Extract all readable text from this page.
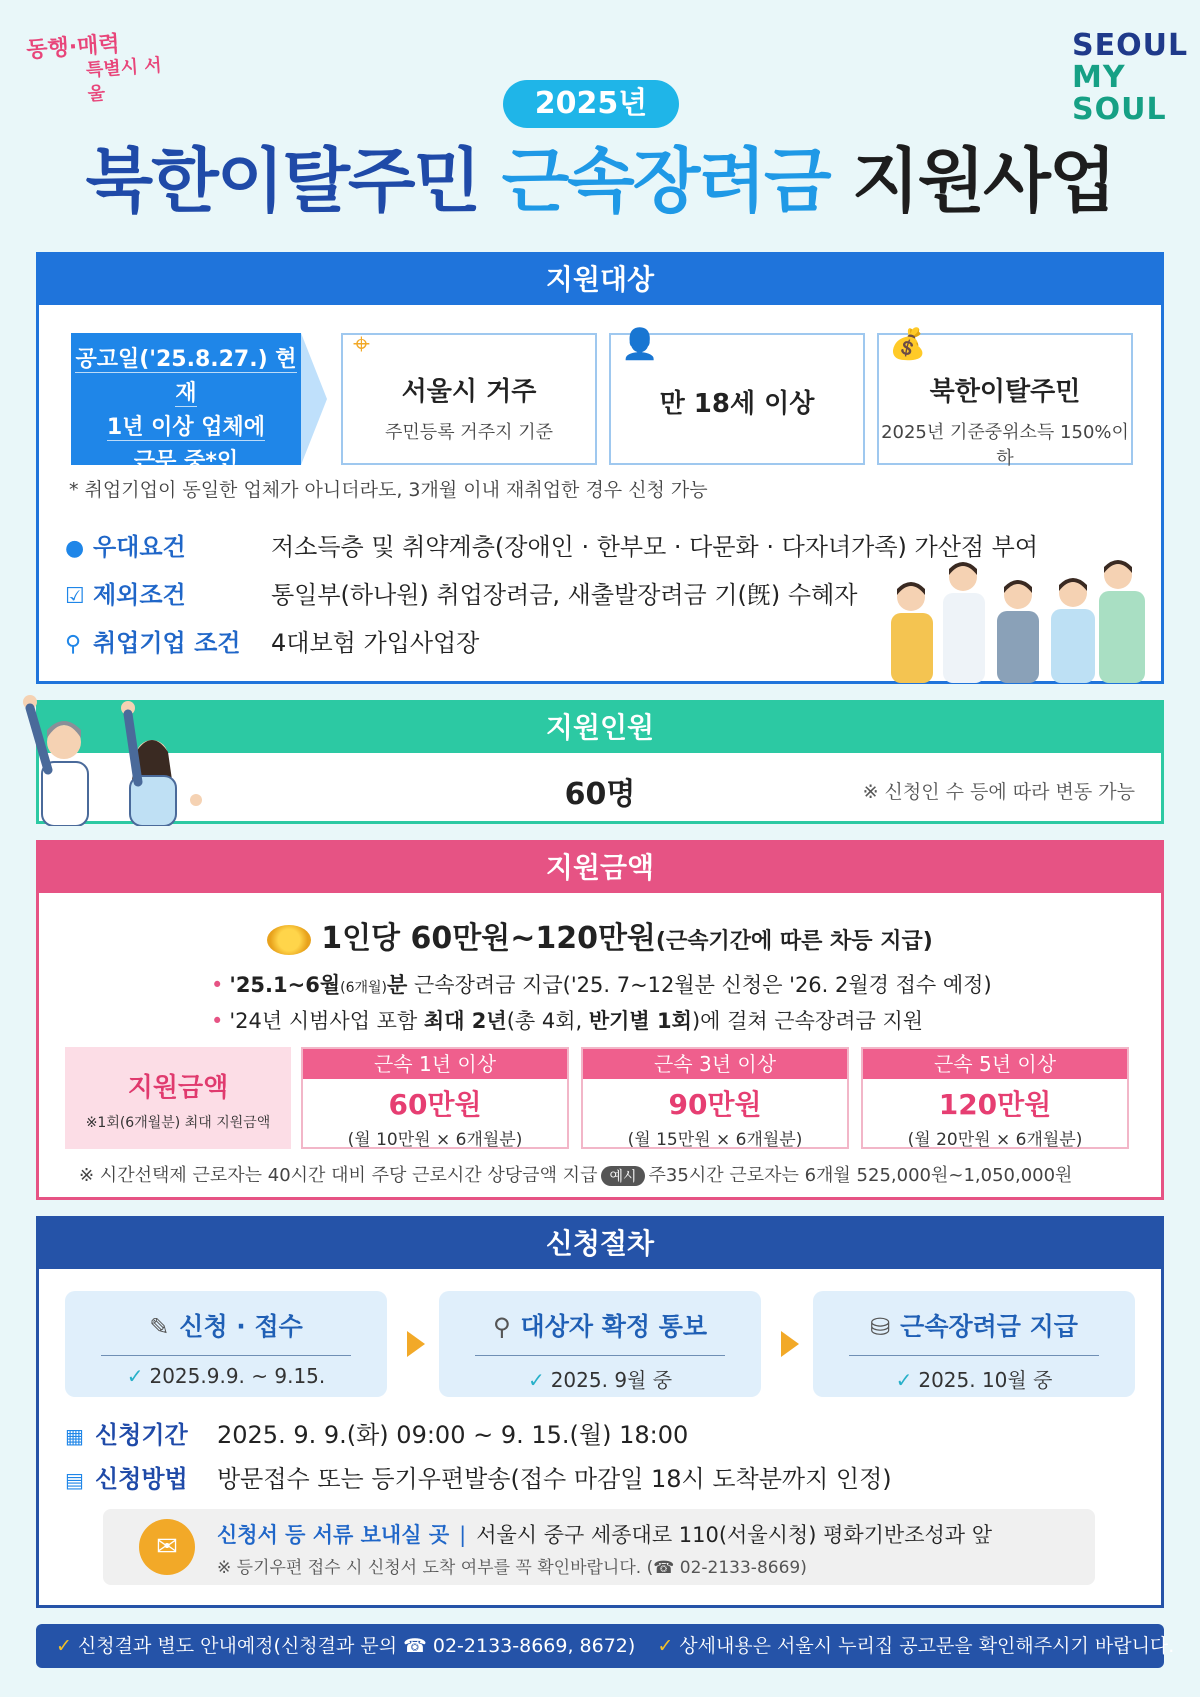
동행·매력
특별시 서울
SEOUL
MY SOUL
2025년
북한이탈주민 근속장려금 지원사업
지원대상
공고일('25.8.27.) 현재
1년 이상 업체에
근무 중*인
⌖
서울시 거주
주민등록 거주지 기준
👤
만 18세 이상
💰
북한이탈주민
2025년 기준중위소득 150%이하
* 취업기업이 동일한 업체가 아니더라도, 3개월 이내 재취업한 경우 신청 가능
● 우대요건	저소득층 및 취약계층(장애인 · 한부모 · 다문화 · 다자녀가족) 가산점 부여
☑ 제외조건	통일부(하나원) 취업장려금, 새출발장려금 기(旣) 수혜자
⚲ 취업기업 조건 4대보험 가입사업장
지원인원
60명	※ 신청인 수 등에 따라 변동 가능
지원금액
1인당 60만원~120만원(근속기간에 따른 차등 지급)
• '25.1~6월(6개월)분 근속장려금 지급('25. 7~12월분 신청은 '26. 2월경 접수 예정)
• '24년 시범사업 포함 최대 2년(총 4회, 반기별 1회)에 걸쳐 근속장려금 지원
지원금액
※1회(6개월분) 최대 지원금액
근속 1년 이상
60만원
(월 10만원 × 6개월분)
근속 3년 이상
90만원
(월 15만원 × 6개월분)
근속 5년 이상
120만원
(월 20만원 × 6개월분)
※ 시간선택제 근로자는 40시간 대비 주당 근로시간 상당금액 지급 예시 주35시간 근로자는 6개월 525,000원~1,050,000원
신청절차
✎ 신청 · 접수
✓ 2025.9.9. ~ 9.15.
⚲ 대상자 확정 통보
✓ 2025. 9월 중
⛁ 근속장려금 지급
✓ 2025. 10월 중
▦ 신청기간 2025. 9. 9.(화) 09:00 ~ 9. 15.(월) 18:00
▤ 신청방법 방문접수 또는 등기우편발송(접수 마감일 18시 도착분까지 인정)
✉	신청서 등 서류 보내실 곳 | 서울시 중구 세종대로 110(서울시청) 평화기반조성과 앞
※ 등기우편 접수 시 신청서 도착 여부를 꼭 확인바랍니다. (☎ 02-2133-8669)
✓ 신청결과 별도 안내예정(신청결과 문의 ☎ 02-2133-8669, 8672) ✓ 상세내용은 서울시 누리집 공고문을 확인해주시기 바랍니다.
